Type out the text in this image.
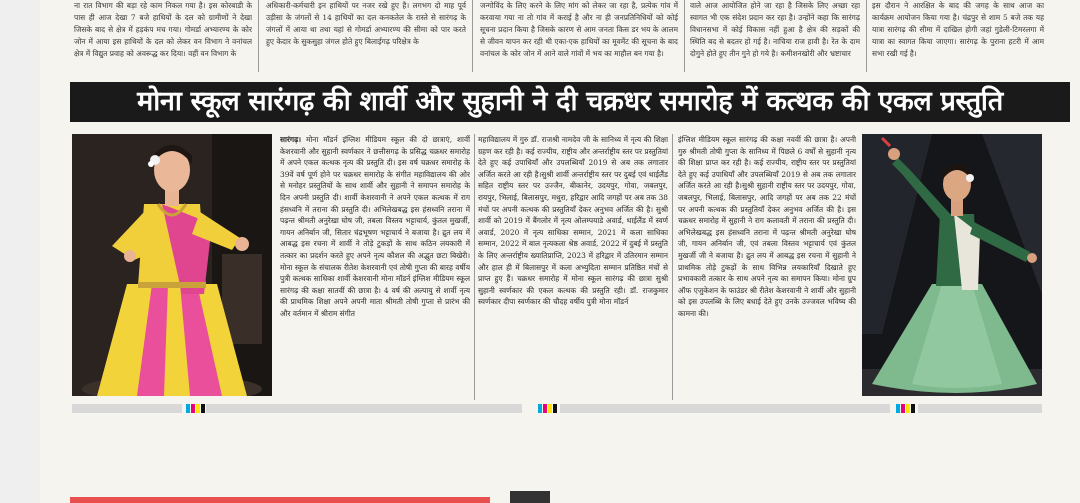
ना रात विभाग की बड़ा रहे काम निकल गया है। इस कोरबाडी के पास ही आज देखा 7 बजे हाथियों के दल को ग्रामीणों ने देखा जिसके बाद से क्षेत्र में हड़कंप मच गया। गोमर्डा अभ्यारण्य के कोर जोन में आया इस हाथियों के दल को लेकर वन विभाग ने वनांचल क्षेत्र में विद्युत प्रवाह को अवरूद्ध कर दिया। वहीं वन विभाग के

अधिकारी-कर्मचारी इन हाथियों पर नजर रखे हुए है। लगभग दो माह पूर्व उड़ीसा के जंगलों से 14 हाथियों का दल कनकतेल के रास्ते से सारंगढ़ के जंगलों में आया था तथा यहां से गोमर्डा अभ्यारण्य की सीमा को पार करते हुए केदार के सुकसुहा जंगल होते हुए बिलाईगढ़ परिक्षेत्र के

जन्गोविंद के लिए करने के लिए मांग को लेकर जा रहा है, प्रत्येक गांव में करवाया गया ना तो गांव में कराई है और ना ही जनप्रतिनिधियों को कोई सूचना प्रदान किया है जिसके कारण से आम जनता किस डर भय के आलम से जीवन यापन कर रही थी एका-एक हाथियों का मूवमेंट की सूचना के बाद वनांचल के कोर जोन में आने वाले गांवों में भय का माहौल बन गया है।

वाले आज आयोजित होने जा रहा है जिसके लिए अच्छा रहा स्वागत भी एक संदेश प्रदान कर रहा है। उन्होंने कहा कि सारंगढ़ विधानसभा में कोई विकास नहीं हुआ है क्षेत्र की सड़कों की स्थिति बद से बदतर हो गई है। नाचिया राज हावी है। रेत के दाम दोगुने होते हुए तीन गुने हो गये है। कमीशनखोरी और भ्रष्टाचार

इस दौरान ने आरक्षित के बाद की जगह के साथ आज का कार्यक्रम आयोजन किया गया है। चंद्रपुर से शाम 5 बजे तक यह यात्रा सारंगढ़ की सीमा में दाखिल होगी जहां गुडेली-टिमरलगा में यात्रा का स्वागत किया जाएगा। सारंगढ़ के पुराना हटरी में आम सभा रखी गई है।

मोना स्कूल सारंगढ़ की शार्वी और सुहानी ने दी चक्रधर समारोह में कत्थक की एकल प्रस्तुति

सारंगढ़। मोना मॉडर्न इंग्लिश मीडियम स्कूल की दो छात्राएं, शार्वी केशरवानी और सुहानी स्वर्णकार ने छत्तीसगढ़ के प्रसिद्ध चक्रधर समारोह में अपने एकल कत्थक नृत्य की प्रस्तुति दी। इस वर्ष चक्रधर समारोह के 39वें वर्ष पूर्ण होने पर चक्रधर समारोह के संगीत महाविद्यालय की ओर से मनोहर प्रस्तुतियों के साथ शार्वी और सुहानी ने समापन समारोह के दिन अपनी प्रस्तुति दी। शार्वी केशरवानी ने अपने एकल कत्थक में राग हंसध्वनि में तराना की प्रस्तुति दी। अभिलेखबद्ध इस हंसध्वनि तराना में पढ़न्त श्रीमती अनुरेखा घोष जी, तबला विस्तव भट्टाचार्य, कुंतल मुखर्जी, गायन अनिर्बान जी, सितार चंद्रभूषण भट्टाचार्य ने बजाया है। द्रुत लय में आबद्ध इस रचना में शार्वी ने तोड़े टुकड़ों के साथ कठिन लयकारी में तत्कार का प्रदर्शन करते हुए अपने नृत्य कौशल की अद्भुत छटा बिखेरी।मोना स्कूल के संचालक रीतेश केशरवानी एवं तोषी गुप्ता की बारह वर्षीय पुत्री कत्थक साधिका शार्वी केशरवानी मोना मॉडर्न इंग्लिश मीडियम स्कूल सारंगढ़ की कक्षा सातवीं की छात्रा है। 4 वर्ष की अल्पायु से शार्वी नृत्य की प्राथमिक शिक्षा अपने अपनी माता श्रीमती तोषी गुप्ता से प्रारंभ की और वर्तमान में श्रीराम संगीत

महाविद्यालय में गुरु डॉ. राजश्री नामदेव जी के सानिध्य में नृत्य की शिक्षा ग्रहण कर रही है। कई राज्यीय, राष्ट्रीय और अन्तर्राष्ट्रीय स्तर पर प्रस्तुतियां देते हुए कई उपाधियाँ और उपलब्धियाँ 2019 से अब तक लगातार अर्जित करते आ रही है।सुश्री शार्वी अन्तर्राष्ट्रीय स्तर पर दुबई एवं थाईलैंड सहित राष्ट्रीय स्तर पर उज्जैन, बीकानेर, उदयपुर, गोवा, जबलपुर, रायपुर, भिलाई, बिलासपुर, मथुरा, हरिद्वार आदि जगहों पर अब तक 38 मंचों पर अपनी कत्थक की प्रस्तुतियाँ देकर अनुभव अर्जित की है। सुश्री शार्वी को 2019 में बैंगलोर में नृत्य ओलम्पयाडे अवार्ड, थाईलैंड में स्वर्ण अवार्ड, 2020 में नृत्य साधिका सम्मान, 2021 में कला साधिका सम्मान, 2022 में बाल नृत्यकला श्रेष्ठ अवार्ड, 2022 में दुबई में प्रस्तुति के लिए अन्तर्राष्ट्रीय ख्यातिप्राप्ति, 2023 में हरिद्वार में उतिरमान सम्मान और हाल ही में बिलासपुर में कला अभ्युदिता सम्मान प्रतिष्ठित मंचों से प्राप्त हुए हैं। चक्रधर समारोह में मोना स्कूल सारंगढ़ की छात्रा सुश्री सुहानी स्वर्णकार की एकल कत्थक की प्रस्तुति रही। डॉ. राजकुमार स्वर्णकार दीपा स्वर्णकार की चौदह वर्षीय पुत्री मोना मॉडर्न

इंग्लिश मीडियम स्कूल सारंगढ़ की कक्षा नववीं की छात्रा है। अपनी गुरु श्रीमती तोषी गुप्ता के सानिध्य में पिछले 6 वर्षों से सुहानी नृत्य की शिक्षा प्राप्त कर रही है। कई राज्यीय, राष्ट्रीय स्तर पर प्रस्तुतियां देते हुए कई उपाधियाँ और उपलब्धियाँ 2019 से अब तक लगातार अर्जित करते आ रही है।सुश्री सुहानी राष्ट्रीय स्तर पर उदयपुर, गोवा, जबलपुर, भिलाई, बिलासपुर, आदि जगहों पर अब तक 22 मंचों पर अपनी कत्थक की प्रस्तुतियाँ देकर अनुभव अर्जित की है। इस चक्रधर समारोह में सुहानी ने राग कलावती में तराना की प्रस्तुति दी। अभिलेखबद्ध इस हंसध्वनि तराना में पढ़न्त श्रीमती अनुरेखा घोष जी, गायन अनिर्बान जी, एवं तबला विस्तव भट्टाचार्य एवं कुंतल मुखर्जी जी ने बजाया है। द्रुत लय में आबद्ध इस रचना में सुहानी ने प्राथमिक तोड़े टुकड़ों के साथ विभिन्न लयकारियाँ दिखाते हुए प्रभावकारी तत्कार के साथ अपने नृत्य का समापन किया। मोना ग्रुप ऑफ एजुकेशन के फाउंडर श्री रीतेश केशरवानी ने शार्वी और सुहानी को इस उपलब्धि के लिए बधाई देते हुए उनके उज्जवल भविष्य की कामना की।
